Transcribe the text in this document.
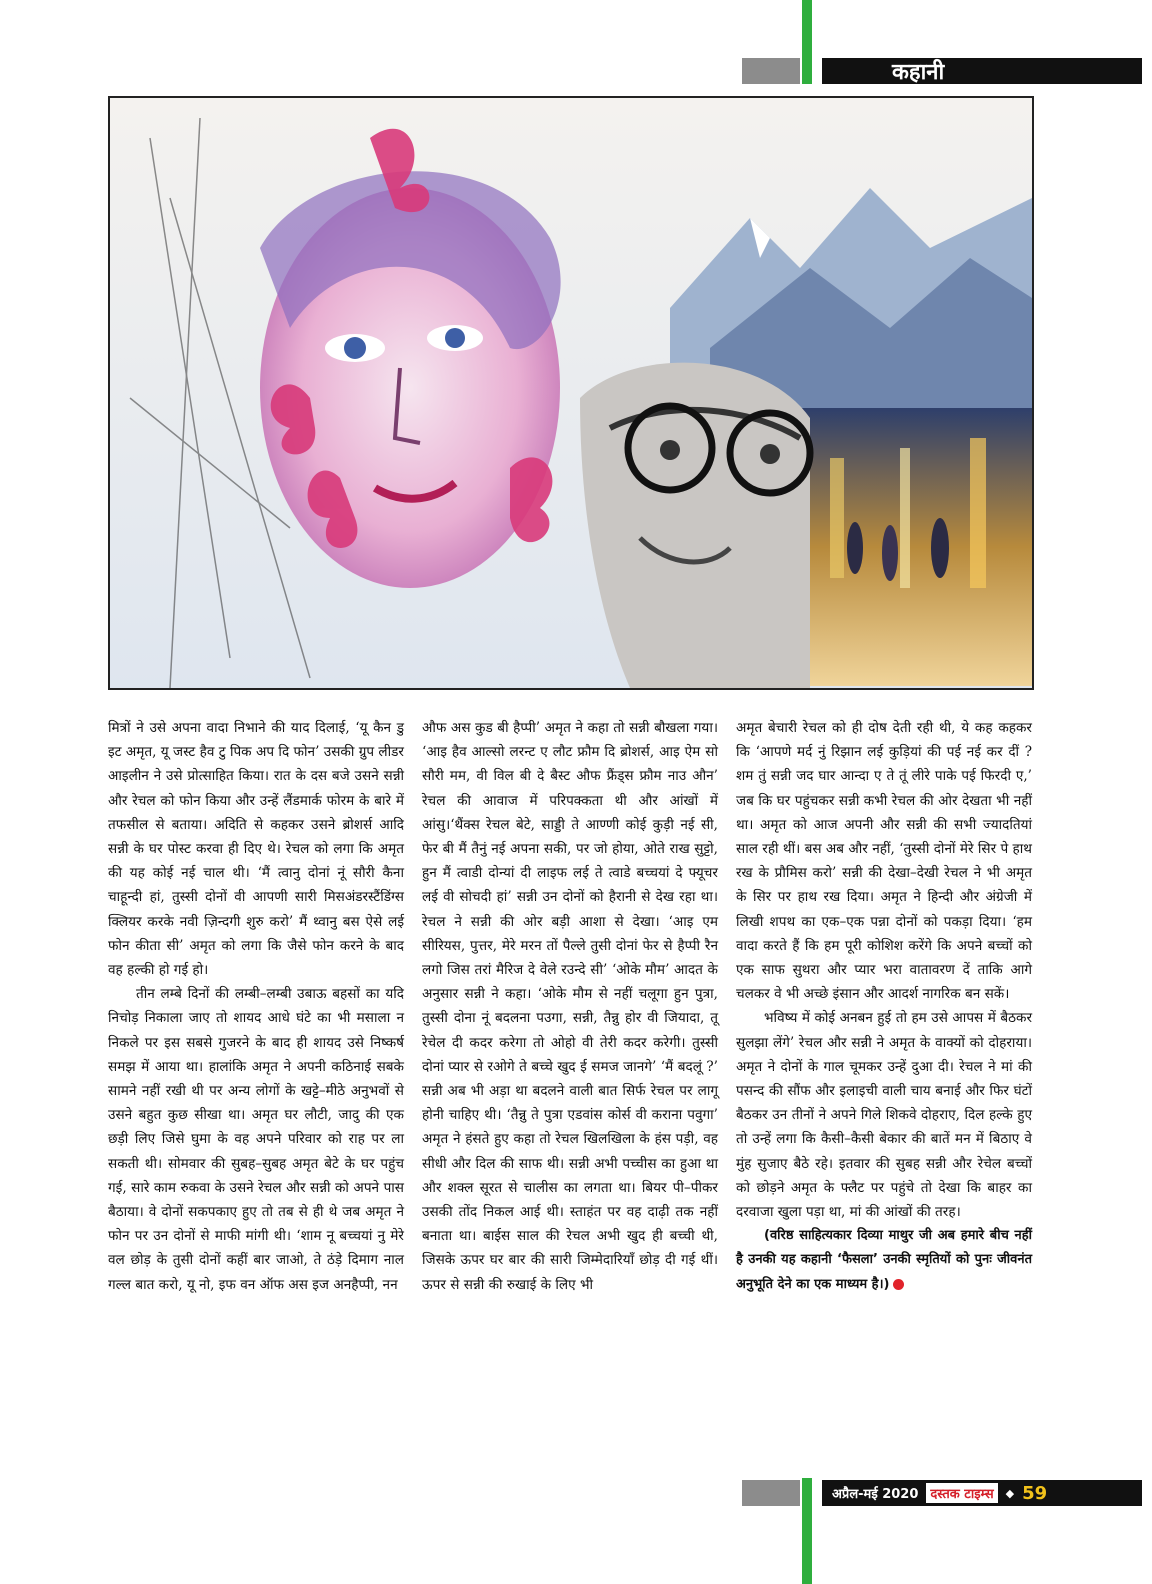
कहानी

मित्रों ने उसे अपना वादा निभाने की याद दिलाई, ‘यू कैन डु इट अमृत, यू जस्ट हैव टु पिक अप दि फोन’ उसकी ग्रुप लीडर आइलीन ने उसे प्रोत्साहित किया। रात के दस बजे उसने सन्नी और रेचल को फोन किया और उन्हें लैंडमार्क फोरम के बारे में तफसील से बताया। अदिति से कहकर उसने ब्रोशर्स आदि सन्नी के घर पोस्ट करवा ही दिए थे। रेचल को लगा कि अमृत की यह कोई नई चाल थी। ‘मैं त्वानु दोनां नूं सौरी कैना चाहून्दी हां, तुस्सी दोनों वी आपणी सारी मिसअंडरस्टैंडिंग्स क्लियर करके नवी ज़िन्दगी शुरु करो’ मैं थ्वानु बस ऐसे लई फोन कीता सी’ अमृत को लगा कि जैसे फोन करने के बाद वह हल्की हो गई हो।

तीन लम्बे दिनों की लम्बी–लम्बी उबाऊ बहसों का यदि निचोड़ निकाला जाए तो शायद आधे घंटे का भी मसाला न निकले पर इस सबसे गुजरने के बाद ही शायद उसे निष्कर्ष समझ में आया था। हालांकि अमृत ने अपनी कठिनाई सबके सामने नहीं रखी थी पर अन्य लोगों के खट्टे–मीठे अनुभवों से उसने बहुत कुछ सीखा था। अमृत घर लौटी, जादु की एक छड़ी लिए जिसे घुमा के वह अपने परिवार को राह पर ला सकती थी। सोमवार की सुबह–सुबह अमृत बेटे के घर पहुंच गई, सारे काम रुकवा के उसने रेचल और सन्नी को अपने पास बैठाया। वे दोनों सकपकाए हुए तो तब से ही थे जब अमृत ने फोन पर उन दोनों से माफी मांगी थी। ‘शाम नू बच्चयां नु मेरे वल छोड़ के तुसी दोनों कहीं बार जाओ, ते ठंड़े दिमाग नाल गल्ल बात करो, यू नो, इफ वन ऑफ अस इज अनहैप्पी, नन

औफ अस कुड बी हैप्पी’ अमृत ने कहा तो सन्नी बौखला गया। ‘आइ हैव आल्सो लरन्ट ए लौट फ्रौम दि ब्रोशर्स, आइ ऐम सो सौरी मम, वी विल बी दे बैस्ट औफ फ्रैंड्स फ्रौम नाउ औन’ रेचल की आवाज में परिपक्कता थी और आंखों में आंसु।‘थैंक्स रेचल बेटे, साड्डी ते आण्णी कोई कुड़ी नई सी, फेर बी मैं तैनुं नई अपना सकी, पर जो होया, ओते राख सुट्टो, हुन मैं त्वाडी दोन्यां दी लाइफ लई ते त्वाडे बच्चयां दे फ्यूचर लई वी सोचदी हां’ सन्नी उन दोनों को हैरानी से देख रहा था। रेचल ने सन्नी की ओर बड़ी आशा से देखा। ‘आइ एम सीरियस, पुत्तर, मेरे मरन तों पैल्ले तुसी दोनां फेर से हैप्पी रैन लगो जिस तरां मैरिज दे वेले रउन्दे सी’ ‘ओके मौम’ आदत के अनुसार सन्नी ने कहा। ‘ओके मौम से नहीं चलूगा हुन पुत्रा, तुस्सी दोना नूं बदलना पउगा, सन्नी, तैन्नु होर वी जियादा, तू रेचेल दी कदर करेगा तो ओहो वी तेरी कदर करेगी। तुस्सी दोनां प्यार से रओगे ते बच्चे खुद ई समज जानगे’ ‘मैं बदलूं ?’ सन्नी अब भी अड़ा था बदलने वाली बात सिर्फ रेचल पर लागू होनी चाहिए थी। ‘तैन्नु ते पुत्रा एडवांस कोर्स वी कराना पवुगा’ अमृत ने हंसते हुए कहा तो रेचल खिलखिला के हंस पड़ी, वह सीधी और दिल की साफ थी। सन्नी अभी पच्चीस का हुआ था और शक्ल सूरत से चालीस का लगता था। बियर पी–पीकर उसकी तोंद निकल आई थी। स्ताहंत पर वह दाढ़ी तक नहीं बनाता था। बाईस साल की रेचल अभी खुद ही बच्ची थी, जिसके ऊपर घर बार की सारी जिम्मेदारियाँ छोड़ दी गई थीं। ऊपर से सन्नी की रुखाई के लिए भी

अमृत बेचारी रेचल को ही दोष देती रही थी, ये कह कहकर कि ‘आपणे मर्द नुं रिझान लई कुड़ियां की पई नई कर दीं ? शम तुं सन्नी जद घार आन्दा ए ते तूं लीरे पाके पई फिरदी ए,’ जब कि घर पहुंचकर सन्नी कभी रेचल की ओर देखता भी नहीं था। अमृत को आज अपनी और सन्नी की सभी ज्यादतियां साल रही थीं। बस अब और नहीं, ‘तुस्सी दोनों मेरे सिर पे हाथ रख के प्रौमिस करो’ सन्नी की देखा–देखी रेचल ने भी अमृत के सिर पर हाथ रख दिया। अमृत ने हिन्दी और अंग्रेजी में लिखी शपथ का एक–एक पन्ना दोनों को पकड़ा दिया। ‘हम वादा करते हैं कि हम पूरी कोशिश करेंगे कि अपने बच्चों को एक साफ सुथरा और प्यार भरा वातावरण दें ताकि आगे चलकर वे भी अच्छे इंसान और आदर्श नागरिक बन सकें।

भविष्य में कोई अनबन हुई तो हम उसे आपस में बैठकर सुलझा लेंगे’ रेचल और सन्नी ने अमृत के वाक्यों को दोहराया। अमृत ने दोनों के गाल चूमकर उन्हें दुआ दी। रेचल ने मां की पसन्द की सौंफ और इलाइची वाली चाय बनाई और फिर घंटों बैठकर उन तीनों ने अपने गिले शिकवे दोहराए, दिल हल्के हुए तो उन्हें लगा कि कैसी–कैसी बेकार की बातें मन में बिठाए वे मुंह सुजाए बैठे रहे। इतवार की सुबह सन्नी और रेचेल बच्चों को छोड़ने अमृत के फ्लैट पर पहुंचे तो देखा कि बाहर का दरवाजा खुला पड़ा था, मां की आंखों की तरह।

(वरिष्ठ साहित्यकार दिव्या माथुर जी अब हमारे बीच नहीं है उनकी यह कहानी ‘फैसला’ उनकी स्मृतियों को पुनः जीवनंत अनुभूति देने का एक माध्यम है।)

अप्रैल-मई 2020 दस्तक टाइम्स	◆ 59
